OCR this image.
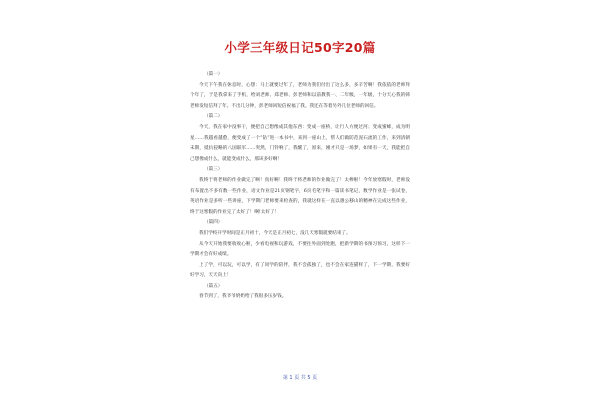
小学三年级日记50字20篇
（篇一）
今天下午我在休息时，心想：马上就要过年了，老师为我们付出了这么多，多辛苦啊！我依依的老师拜个年了，于是我拿来了手机，给刘老师、郑老师、彭老师和以前教我一、二年级，一年级，十分天心我的韩老师发短信拜了年。不出几分钟，彭老师回短信祝福了我。我还在等着另外几位老师的回信。
（篇二）
今天，我在家中没事干，便把自己想像成其他东西：变成一座桥，让行人方便过河；变成蜜蜂，成为明星……我越看越愈，便变成了一个“钻”进一本书中，来到一座山上，帮人们做防范泥石流的工作，来到清朝末期，抵抗侵略的八国联军……突然，门铃响了，我醒了，原来，刚才只是一场梦，如果有一天，我能把自己想像成什么，就能变成什么，那该多好啊！
（篇三）
我终于将老师的作业做完了啊！真好啊！我终于将老师的作业做完了！太棒啦！今年放寒假时，老师没有布置出不多有数一些作业，语文作业是21页钢笔字，6页毛笔字和一篇读书笔记，数学作业是一张试卷，英语作业是多听一些讲座，下学期门老师要来检查的，我就这样在一直以愚公移山的精神在完成这些作业，终于这寒假的作业完了太好了！啊!太好了！
（篇四）
我们学校开学时间是正月初十，今天是正月初七，没几天寒假就要结束了。
从今天开始我要收收心啦，少看电视和玩游戏，不要往外面到处跑，把新学期的书预习预习，这样下一学期才会有好成绩。
上了学，可以玩，可以学，有了同学的陪伴，我不会孤独了，也不会在家连猫样了，下一学期，我要好好学习，天天向上！
（篇五）
春节到了，我爷爷奶奶给了我很多压岁钱。
第 1 页 共 5 页
